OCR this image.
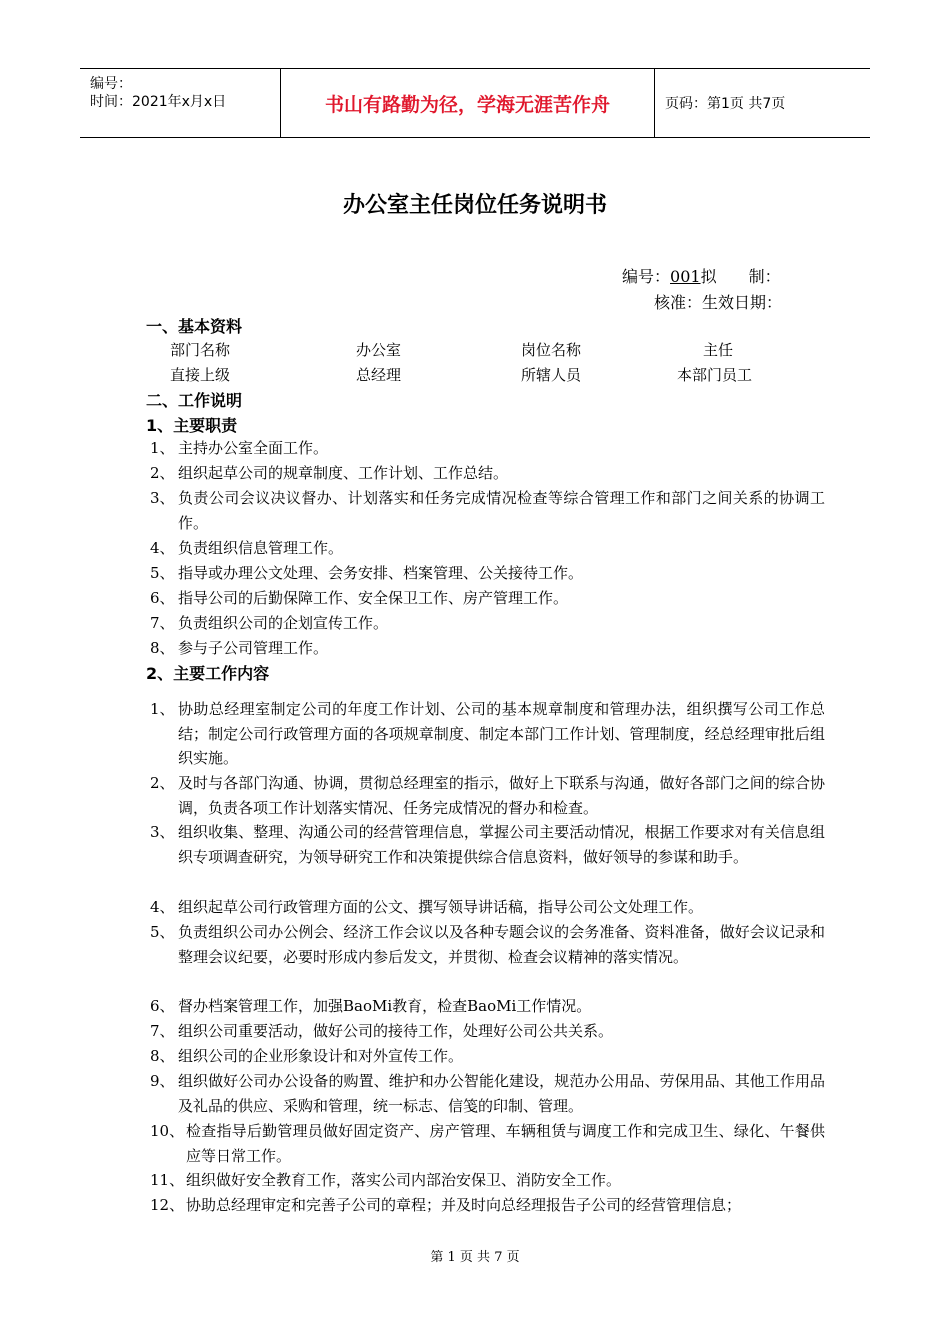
编号：
时间：2021年x月x日	书山有路勤为径，学海无涯苦作舟	页码：第1页 共7页
办公室主任岗位任务说明书
编号：001拟　　制：
核准：生效日期：
一、基本资料
部门名称	办公室	岗位名称	主任
直接上级	总经理	所辖人员	本部门员工
二、工作说明
1、主要职责
1、 主持办公室全面工作。
2、 组织起草公司的规章制度、工作计划、工作总结。
3、 负责公司会议决议督办、计划落实和任务完成情况检查等综合管理工作和部门之间关系的协调工作。
4、 负责组织信息管理工作。
5、 指导或办理公文处理、会务安排、档案管理、公关接待工作。
6、 指导公司的后勤保障工作、安全保卫工作、房产管理工作。
7、 负责组织公司的企划宣传工作。
8、 参与子公司管理工作。
2、主要工作内容
1、 协助总经理室制定公司的年度工作计划、公司的基本规章制度和管理办法，组织撰写公司工作总结；制定公司行政管理方面的各项规章制度、制定本部门工作计划、管理制度，经总经理审批后组织实施。
2、 及时与各部门沟通、协调，贯彻总经理室的指示，做好上下联系与沟通，做好各部门之间的综合协调，负责各项工作计划落实情况、任务完成情况的督办和检查。
3、 组织收集、整理、沟通公司的经营管理信息，掌握公司主要活动情况，根据工作要求对有关信息组织专项调查研究，为领导研究工作和决策提供综合信息资料，做好领导的参谋和助手。
4、 组织起草公司行政管理方面的公文、撰写领导讲话稿，指导公司公文处理工作。
5、 负责组织公司办公例会、经济工作会议以及各种专题会议的会务准备、资料准备，做好会议记录和整理会议纪要，必要时形成内参后发文，并贯彻、检查会议精神的落实情况。
6、 督办档案管理工作，加强BaoMi教育，检查BaoMi工作情况。
7、 组织公司重要活动，做好公司的接待工作，处理好公司公共关系。
8、 组织公司的企业形象设计和对外宣传工作。
9、 组织做好公司办公设备的购置、维护和办公智能化建设，规范办公用品、劳保用品、其他工作用品及礼品的供应、采购和管理，统一标志、信笺的印制、管理。
10、 检查指导后勤管理员做好固定资产、房产管理、车辆租赁与调度工作和完成卫生、绿化、午餐供应等日常工作。
11、 组织做好安全教育工作，落实公司内部治安保卫、消防安全工作。
12、 协助总经理审定和完善子公司的章程；并及时向总经理报告子公司的经营管理信息；
第 1 页 共 7 页
